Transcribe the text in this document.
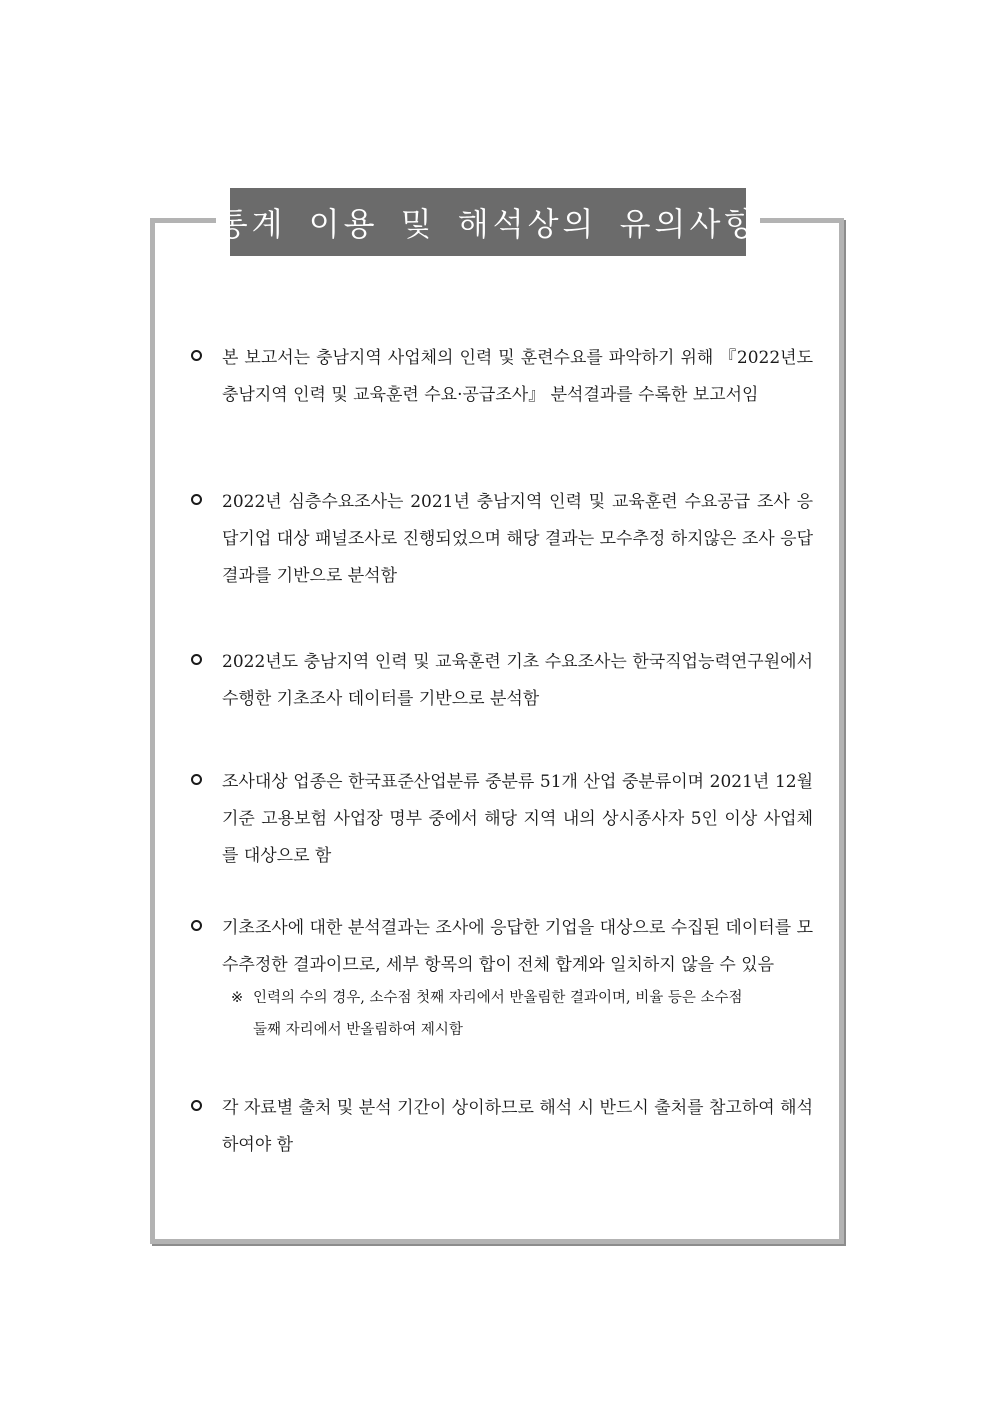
통계 이용 및 해석상의 유의사항
본 보고서는 충남지역 사업체의 인력 및 훈련수요를 파악하기 위해 『2022년도 충남지역 인력 및 교육훈련 수요·공급조사』 분석결과를 수록한 보고서임
2022년 심층수요조사는 2021년 충남지역 인력 및 교육훈련 수요공급 조사 응답기업 대상 패널조사로 진행되었으며 해당 결과는 모수추정 하지않은 조사 응답결과를 기반으로 분석함
2022년도 충남지역 인력 및 교육훈련 기초 수요조사는 한국직업능력연구원에서 수행한 기초조사 데이터를 기반으로 분석함
조사대상 업종은 한국표준산업분류 중분류 51개 산업 중분류이며 2021년 12월 기준 고용보험 사업장 명부 중에서 해당 지역 내의 상시종사자 5인 이상 사업체를 대상으로 함
기초조사에 대한 분석결과는 조사에 응답한 기업을 대상으로 수집된 데이터를 모수추정한 결과이므로, 세부 항목의 합이 전체 합계와 일치하지 않을 수 있음
※ 인력의 수의 경우, 소수점 첫째 자리에서 반올림한 결과이며, 비율 등은 소수점
둘째 자리에서 반올림하여 제시함
각 자료별 출처 및 분석 기간이 상이하므로 해석 시 반드시 출처를 참고하여 해석하여야 함
